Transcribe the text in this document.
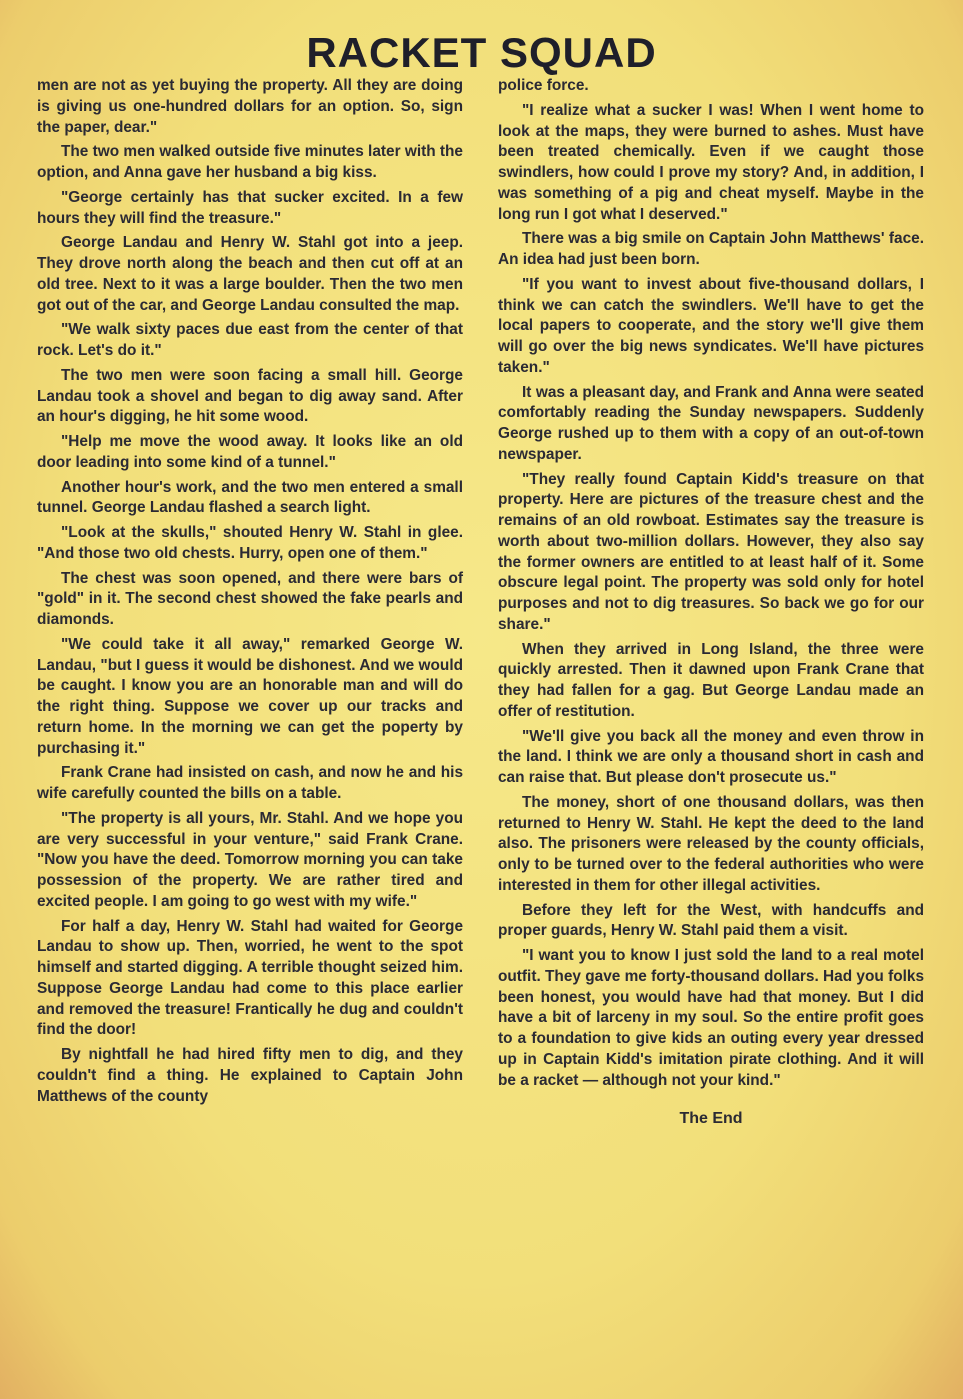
RACKET SQUAD

men are not as yet buying the property. All they are doing is giving us one-hundred dollars for an option. So, sign the paper, dear."

The two men walked outside five minutes later with the option, and Anna gave her husband a big kiss.

"George certainly has that sucker excited. In a few hours they will find the treasure."

George Landau and Henry W. Stahl got into a jeep. They drove north along the beach and then cut off at an old tree. Next to it was a large boulder. Then the two men got out of the car, and George Landau consulted the map.

"We walk sixty paces due east from the center of that rock. Let's do it."

The two men were soon facing a small hill. George Landau took a shovel and began to dig away sand. After an hour's digging, he hit some wood.

"Help me move the wood away. It looks like an old door leading into some kind of a tunnel."

Another hour's work, and the two men entered a small tunnel. George Landau flashed a search light.

"Look at the skulls," shouted Henry W. Stahl in glee. "And those two old chests. Hurry, open one of them."

The chest was soon opened, and there were bars of "gold" in it. The second chest showed the fake pearls and diamonds.

"We could take it all away," remarked George W. Landau, "but I guess it would be dishonest. And we would be caught. I know you are an honorable man and will do the right thing. Suppose we cover up our tracks and return home. In the morning we can get the poperty by purchasing it."

Frank Crane had insisted on cash, and now he and his wife carefully counted the bills on a table.

"The property is all yours, Mr. Stahl. And we hope you are very successful in your venture," said Frank Crane. "Now you have the deed. Tomorrow morning you can take possession of the property. We are rather tired and excited people. I am going to go west with my wife."

For half a day, Henry W. Stahl had waited for George Landau to show up. Then, worried, he went to the spot himself and started digging. A terrible thought seized him. Suppose George Landau had come to this place earlier and removed the treasure! Frantically he dug and couldn't find the door!

By nightfall he had hired fifty men to dig, and they couldn't find a thing. He explained to Captain John Matthews of the county

police force.

"I realize what a sucker I was! When I went home to look at the maps, they were burned to ashes. Must have been treated chemically. Even if we caught those swindlers, how could I prove my story? And, in addition, I was something of a pig and cheat myself. Maybe in the long run I got what I deserved."

There was a big smile on Captain John Matthews' face. An idea had just been born.

"If you want to invest about five-thousand dollars, I think we can catch the swindlers. We'll have to get the local papers to cooperate, and the story we'll give them will go over the big news syndicates. We'll have pictures taken."

It was a pleasant day, and Frank and Anna were seated comfortably reading the Sunday newspapers. Suddenly George rushed up to them with a copy of an out-of-town newspaper.

"They really found Captain Kidd's treasure on that property. Here are pictures of the treasure chest and the remains of an old rowboat. Estimates say the treasure is worth about two-million dollars. However, they also say the former owners are entitled to at least half of it. Some obscure legal point. The property was sold only for hotel purposes and not to dig treasures. So back we go for our share."

When they arrived in Long Island, the three were quickly arrested. Then it dawned upon Frank Crane that they had fallen for a gag. But George Landau made an offer of restitution.

"We'll give you back all the money and even throw in the land. I think we are only a thousand short in cash and can raise that. But please don't prosecute us."

The money, short of one thousand dollars, was then returned to Henry W. Stahl. He kept the deed to the land also. The prisoners were released by the county officials, only to be turned over to the federal authorities who were interested in them for other illegal activities.

Before they left for the West, with handcuffs and proper guards, Henry W. Stahl paid them a visit.

"I want you to know I just sold the land to a real motel outfit. They gave me forty-thousand dollars. Had you folks been honest, you would have had that money. But I did have a bit of larceny in my soul. So the entire profit goes to a foundation to give kids an outing every year dressed up in Captain Kidd's imitation pirate clothing. And it will be a racket — although not your kind."

The End
